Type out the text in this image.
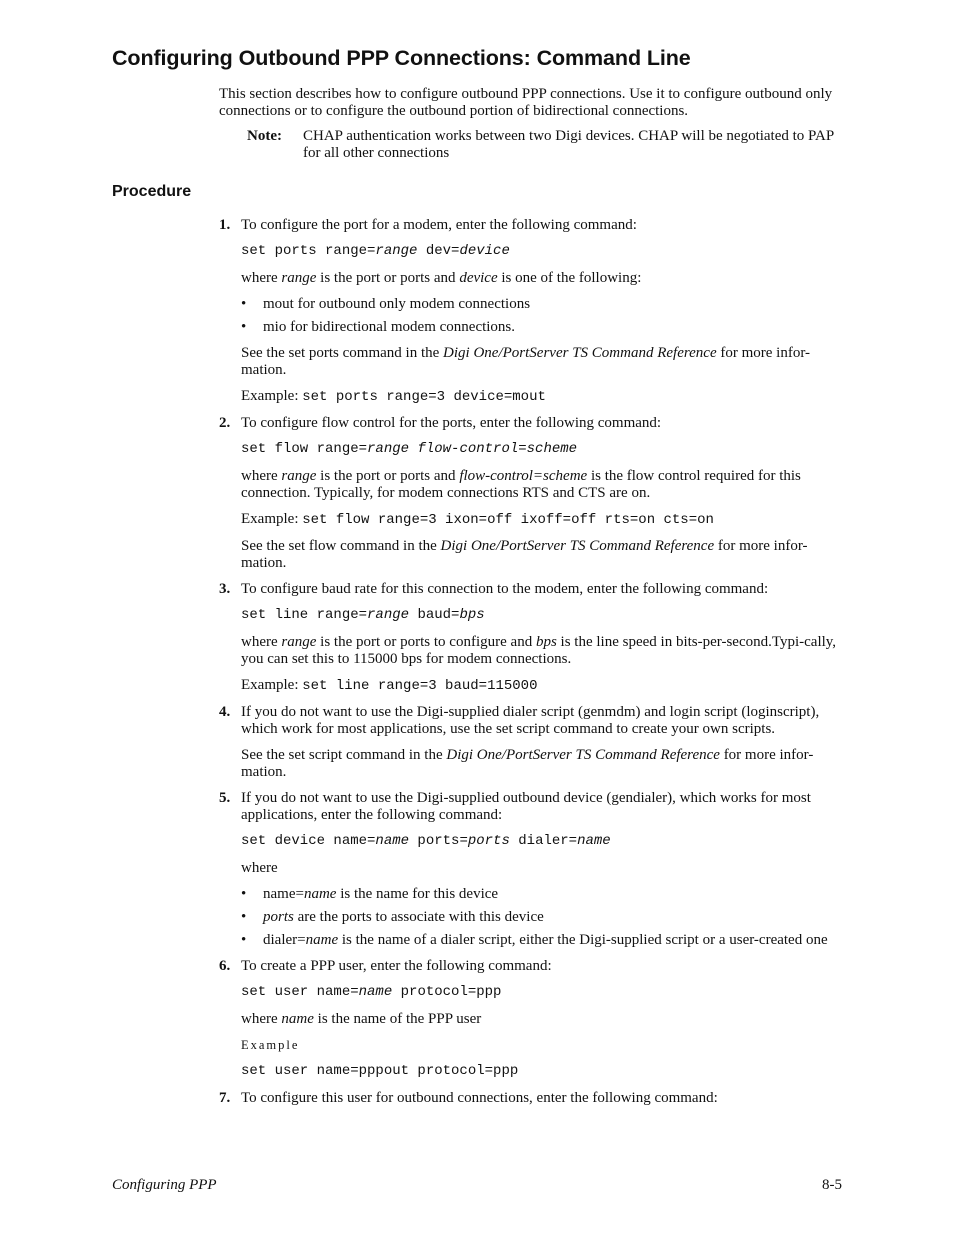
Configuring Outbound PPP Connections: Command Line

This section describes how to configure outbound PPP connections. Use it to configure outbound only connections or to configure the outbound portion of bidirectional connections.

Note: CHAP authentication works between two Digi devices. CHAP will be negotiated to PAP for all other connections
Procedure
1. To configure the port for a modem, enter the following command:

set ports range=range dev=device

where range is the port or ports and device is one of the following:

• mout for outbound only modem connections
• mio for bidirectional modem connections.

See the set ports command in the Digi One/PortServer TS Command Reference for more infor-mation.

Example: set ports range=3 device=mout

2. To configure flow control for the ports, enter the following command:

set flow range=range flow-control=scheme

where range is the port or ports and flow-control=scheme is the flow control required for this connection. Typically, for modem connections RTS and CTS are on.

Example: set flow range=3 ixon=off ixoff=off rts=on cts=on

See the set flow command in the Digi One/PortServer TS Command Reference for more infor-mation.

3. To configure baud rate for this connection to the modem, enter the following command:

set line range=range baud=bps

where range is the port or ports to configure and bps is the line speed in bits-per-second.Typi-cally, you can set this to 115000 bps for modem connections.

Example: set line range=3 baud=115000

4. If you do not want to use the Digi-supplied dialer script (genmdm) and login script (loginscript), which work for most applications, use the set script command to create your own scripts.

See the set script command in the Digi One/PortServer TS Command Reference for more infor-mation.

5. If you do not want to use the Digi-supplied outbound device (gendialer), which works for most applications, enter the following command:

set device name=name ports=ports dialer=name

where

• name=name is the name for this device
• ports are the ports to associate with this device
• dialer=name is the name of a dialer script, either the Digi-supplied script or a user-created one
6. To create a PPP user, enter the following command:

set user name=name protocol=ppp

where name is the name of the PPP user

Example

set user name=pppout protocol=ppp
7. To configure this user for outbound connections, enter the following command:

Configuring PPP	8-5
